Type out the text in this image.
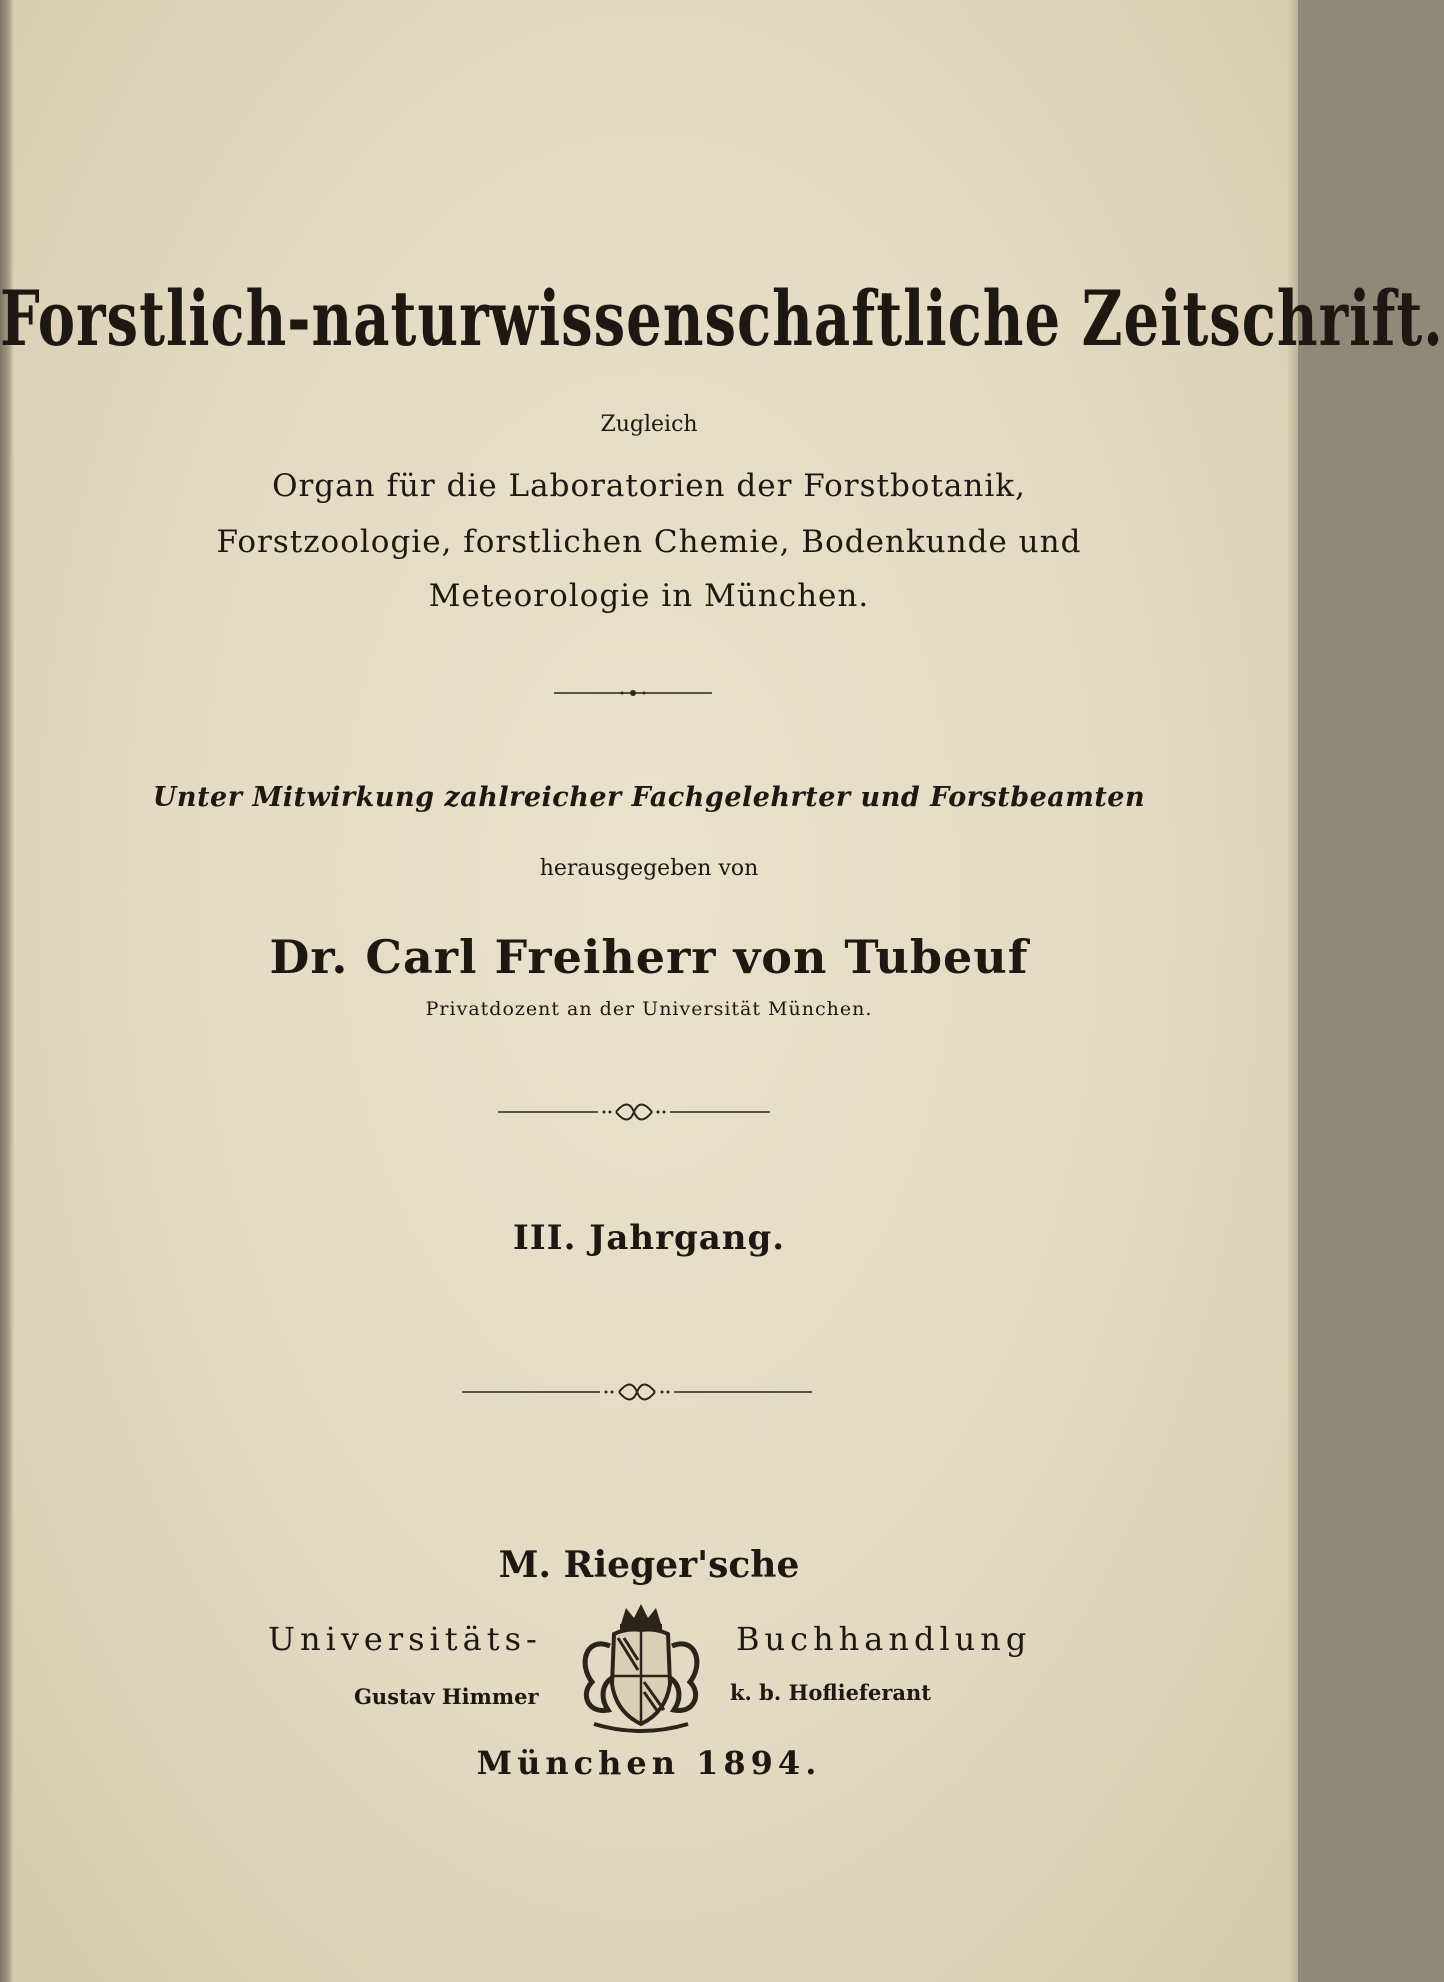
Forstlich-naturwissenschaftliche Zeitschrift.
Zugleich
Organ für die Laboratorien der Forstbotanik,
Forstzoologie, forstlichen Chemie, Bodenkunde und
Meteorologie in München.
Unter Mitwirkung zahlreicher Fachgelehrter und Forstbeamten
herausgegeben von
Dr. Carl Freiherr von Tubeuf
Privatdozent an der Universität München.
III. Jahrgang.
M. Rieger'sche
Universitäts-	Buchhandlung
Gustav Himmer	k. b. Hoflieferant
München 1894.
